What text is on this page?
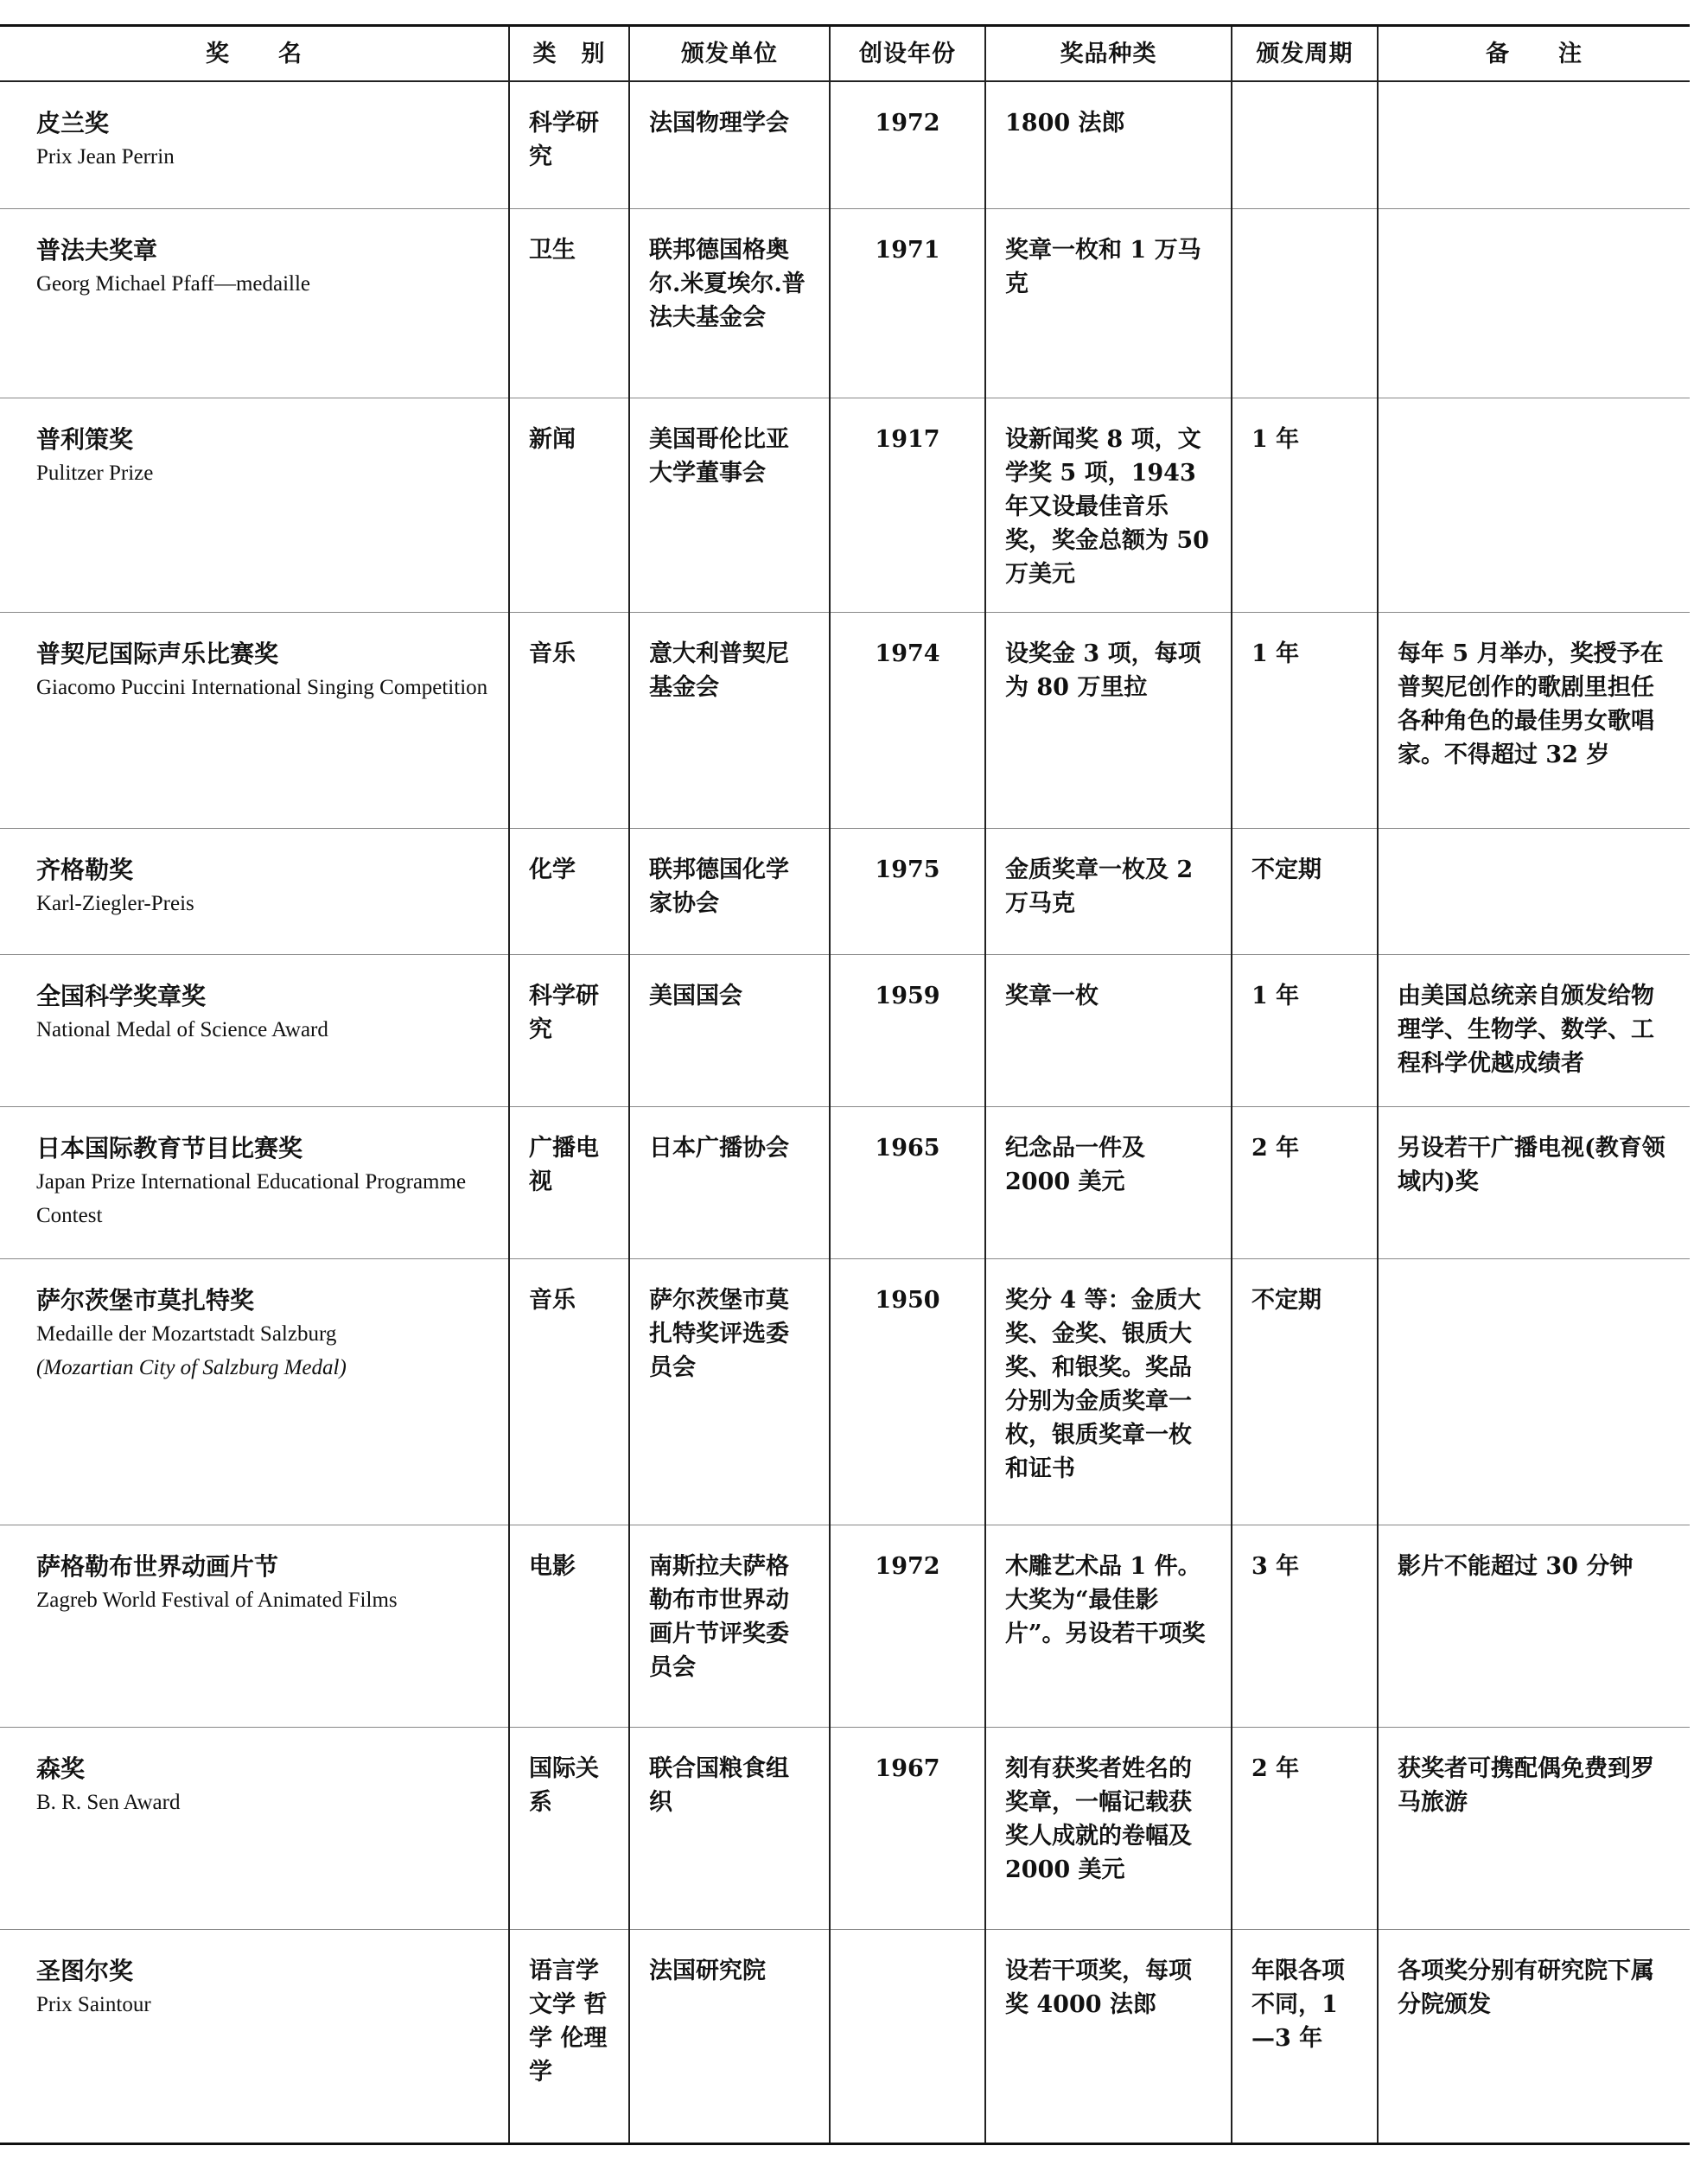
奖　　名	类　别	颁发单位	创设年份	奖品种类	颁发周期	备　　注

皮兰奖
Prix Jean Perrin	科学研究	法国物理学会	1972	1800 法郎		

普法夫奖章
Georg Michael Pfaff—medaille	卫生	联邦德国格奥尔.米夏埃尔.普法夫基金会	1971	奖章一枚和 1 万马克		

普利策奖
Pulitzer Prize	新闻	美国哥伦比亚大学董事会	1917	设新闻奖 8 项，文学奖 5 项，1943 年又设最佳音乐奖，奖金总额为 50 万美元	1 年	

普契尼国际声乐比赛奖
Giacomo Puccini International Singing Competition	音乐	意大利普契尼基金会	1974	设奖金 3 项，每项为 80 万里拉	1 年	每年 5 月举办，奖授予在普契尼创作的歌剧里担任各种角色的最佳男女歌唱家。不得超过 32 岁

齐格勒奖
Karl-Ziegler-Preis	化学	联邦德国化学家协会	1975	金质奖章一枚及 2 万马克	不定期	

全国科学奖章奖
National Medal of Science Award	科学研究	美国国会	1959	奖章一枚	1 年	由美国总统亲自颁发给物理学、生物学、数学、工程科学优越成绩者

日本国际教育节目比赛奖
Japan Prize International Educational Programme Contest	广播电视	日本广播协会	1965	纪念品一件及 2000 美元	2 年	另设若干广播电视(教育领域内)奖

萨尔茨堡市莫扎特奖
Medaille der Mozartstadt Salzburg
(Mozartian City of Salzburg Medal)	音乐	萨尔茨堡市莫扎特奖评选委员会	1950	奖分 4 等：金质大奖、金奖、银质大奖、和银奖。奖品分别为金质奖章一枚，银质奖章一枚和证书	不定期	

萨格勒布世界动画片节
Zagreb World Festival of Animated Films	电影	南斯拉夫萨格勒布市世界动画片节评奖委员会	1972	木雕艺术品 1 件。大奖为“最佳影片”。另设若干项奖	3 年	影片不能超过 30 分钟

森奖
B. R. Sen Award	国际关系	联合国粮食组织	1967	刻有获奖者姓名的奖章，一幅记载获奖人成就的卷幅及 2000 美元	2 年	获奖者可携配偶免费到罗马旅游

圣图尔奖
Prix Saintour	语言学 文学 哲学 伦理学	法国研究院		设若干项奖，每项奖 4000 法郎	年限各项不同，1—3 年	各项奖分别有研究院下属分院颁发
